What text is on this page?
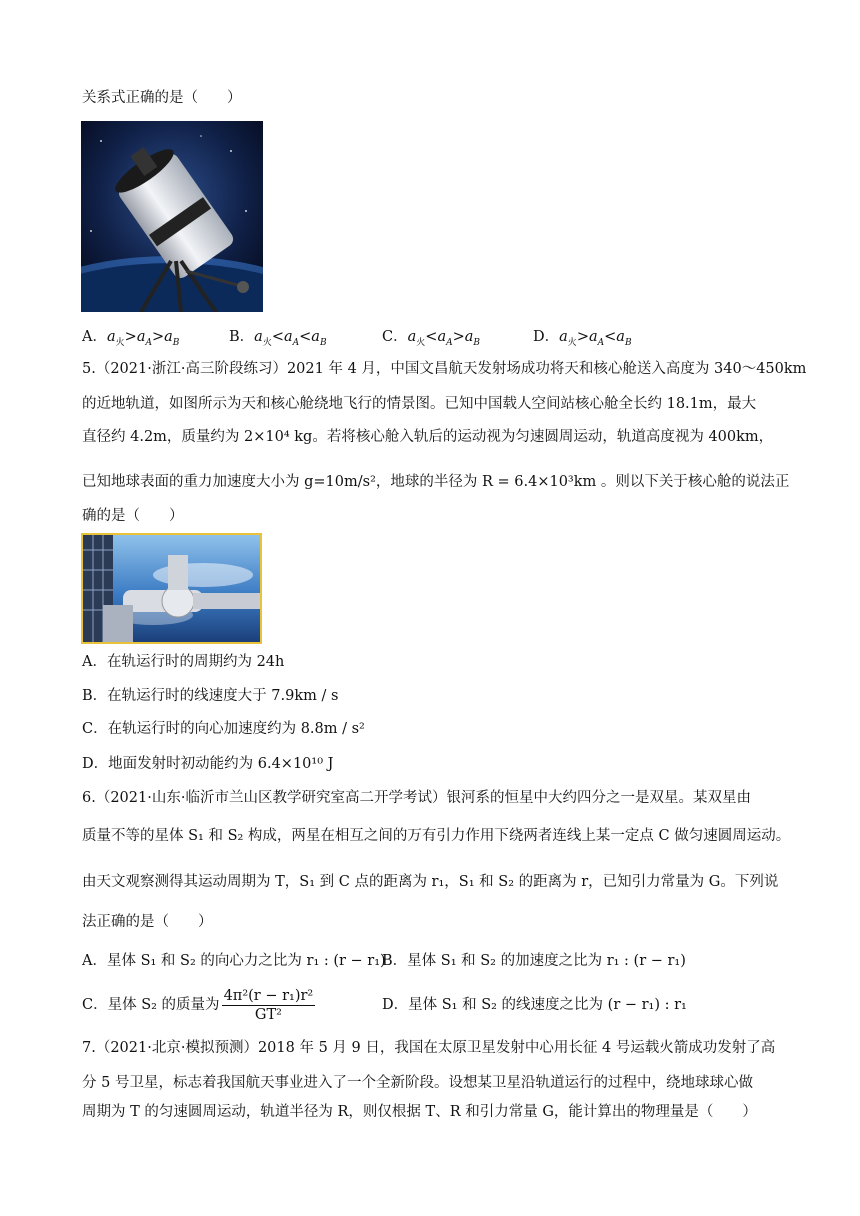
关系式正确的是（　　）
A．$a_火>a_A>a_B$	B．$a_火<a_A<a_B$	C．$a_火<a_A>a_B$	D．$a_火>a_A<a_B$
5.（2021·浙江·高三阶段练习）2021 年 4 月，中国文昌航天发射场成功将天和核心舱送入高度为 340～450km
的近地轨道，如图所示为天和核心舱绕地飞行的情景图。已知中国载人空间站核心舱全长约 18.1m，最大
直径约 4.2m，质量约为 2×10⁴ kg。若将核心舱入轨后的运动视为匀速圆周运动，轨道高度视为 400km，
已知地球表面的重力加速度大小为 g=10m/s²，地球的半径为 R = 6.4×10³km 。则以下关于核心舱的说法正
确的是（　　）
A．在轨运行时的周期约为 24h
B．在轨运行时的线速度大于 7.9km / s
C．在轨运行时的向心加速度约为 8.8m / s²
D．地面发射时初动能约为 6.4×10¹⁰ J
6.（2021·山东·临沂市兰山区教学研究室高二开学考试）银河系的恒星中大约四分之一是双星。某双星由
质量不等的星体 S₁ 和 S₂ 构成，两星在相互之间的万有引力作用下绕两者连线上某一定点 C 做匀速圆周运动。
由天文观察测得其运动周期为 T，S₁ 到 C 点的距离为 r₁，S₁ 和 S₂ 的距离为 r，已知引力常量为 G。下列说
法正确的是（　　）
A．星体 S₁ 和 S₂ 的向心力之比为 r₁ : (r − r₁)
B．星体 S₁ 和 S₂ 的加速度之比为 r₁ : (r − r₁)
C．星体 S₂ 的质量为 $\frac{\text{4π²(r − r₁)r²}}{\text{GT²}}$	D．星体 S₁ 和 S₂ 的线速度之比为 (r − r₁) : r₁
7.（2021·北京·模拟预测）2018 年 5 月 9 日，我国在太原卫星发射中心用长征 4 号运载火箭成功发射了高
分 5 号卫星，标志着我国航天事业进入了一个全新阶段。设想某卫星沿轨道运行的过程中，绕地球球心做
周期为 T 的匀速圆周运动，轨道半径为 R，则仅根据 T、R 和引力常量 G，能计算出的物理量是（　　）
